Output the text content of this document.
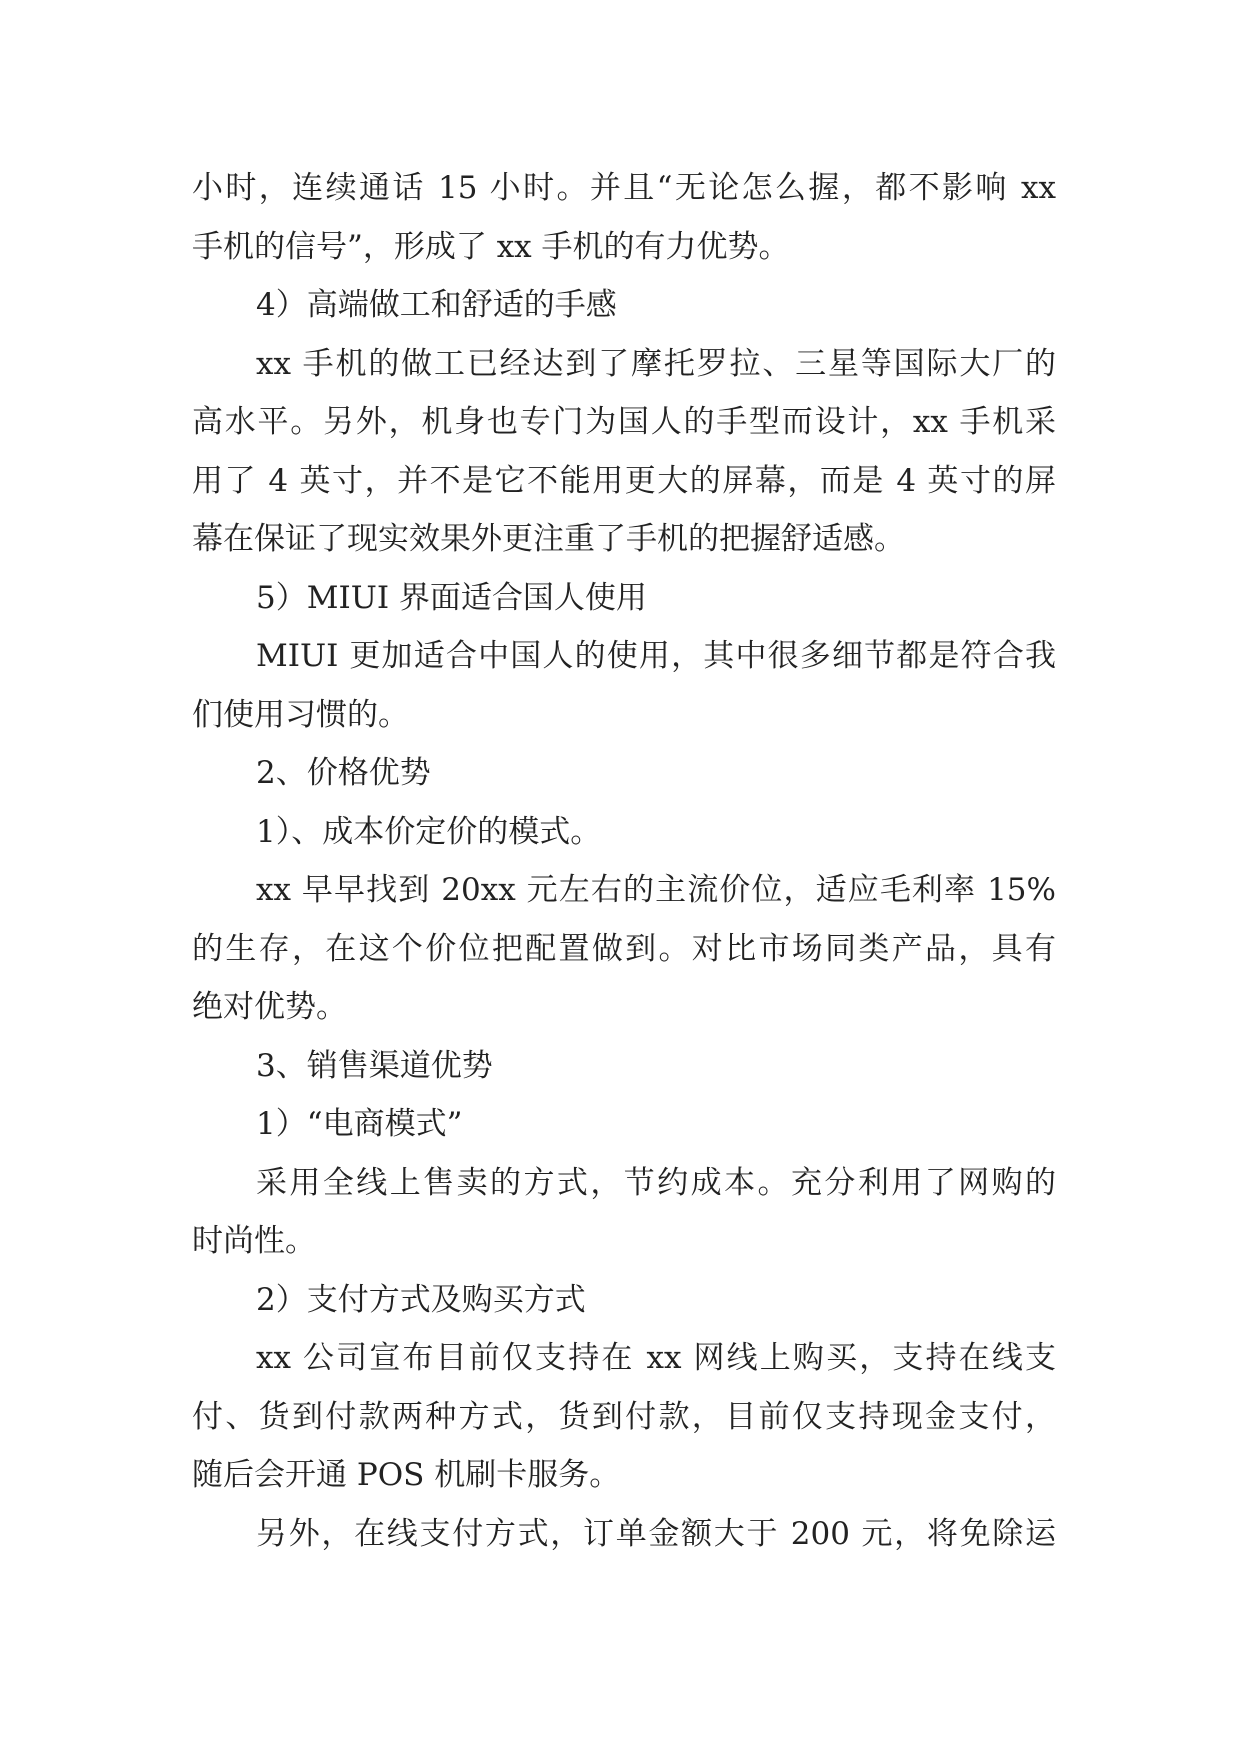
小时，连续通话 15 小时。并且“无论怎么握，都不影响 xx

手机的信号”，形成了 xx 手机的有力优势。

4）高端做工和舒适的手感

xx 手机的做工已经达到了摩托罗拉、三星等国际大厂的

高水平。另外，机身也专门为国人的手型而设计，xx 手机采

用了 4 英寸，并不是它不能用更大的屏幕，而是 4 英寸的屏

幕在保证了现实效果外更注重了手机的把握舒适感。

5）MIUI 界面适合国人使用

MIUI 更加适合中国人的使用，其中很多细节都是符合我

们使用习惯的。

2、价格优势

1）、成本价定价的模式。

xx 早早找到 20xx 元左右的主流价位，适应毛利率 15%

的生存，在这个价位把配置做到。对比市场同类产品，具有

绝对优势。

3、销售渠道优势

1）“电商模式”

采用全线上售卖的方式，节约成本。充分利用了网购的

时尚性。

2）支付方式及购买方式

xx 公司宣布目前仅支持在 xx 网线上购买，支持在线支

付、货到付款两种方式，货到付款，目前仅支持现金支付，

随后会开通 POS 机刷卡服务。

另外，在线支付方式，订单金额大于 200 元，将免除运
